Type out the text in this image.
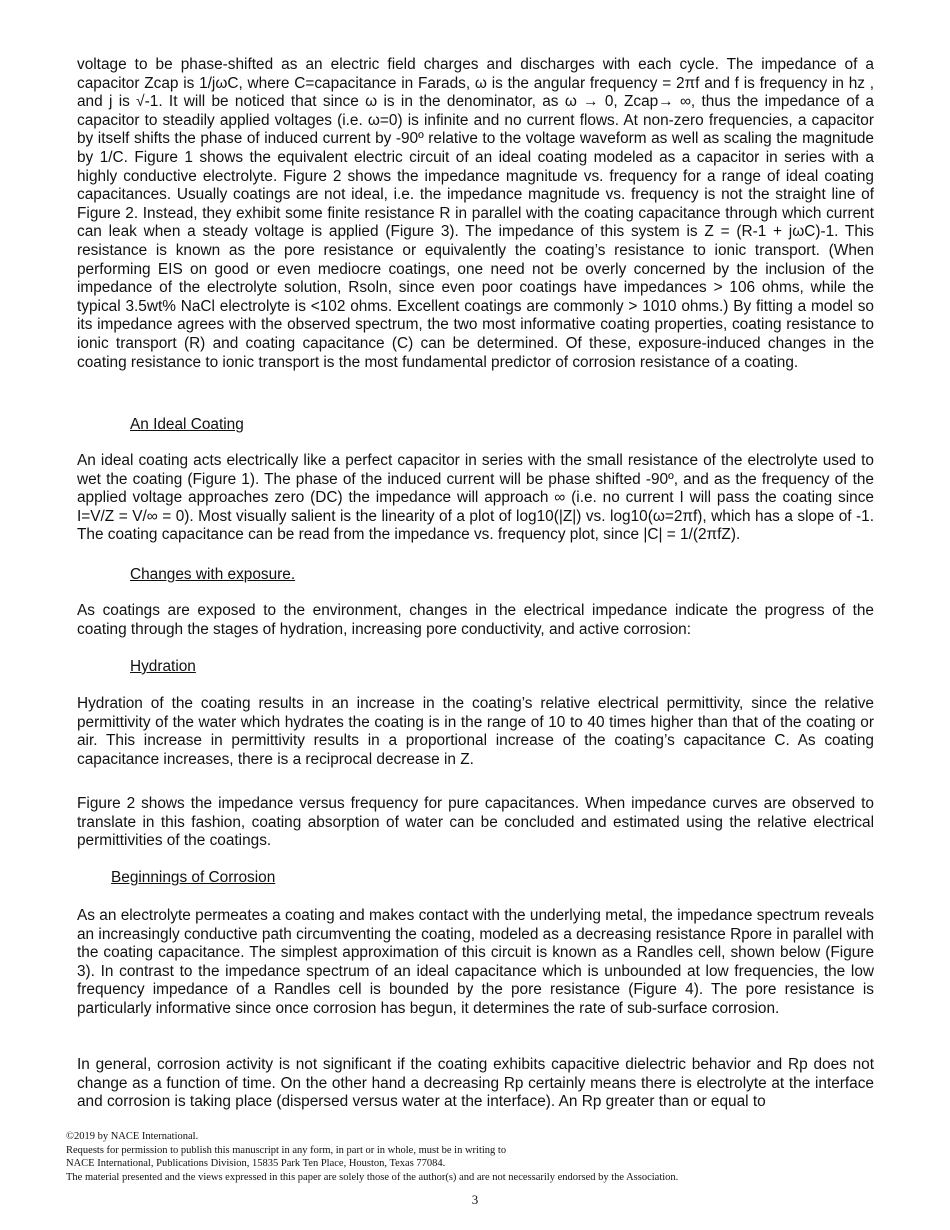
voltage to be phase-shifted as an electric field charges and discharges with each cycle. The impedance of a capacitor Zcap is 1/jωC, where C=capacitance in Farads, ω is the angular frequency = 2πf and f is frequency in hz , and j is √-1. It will be noticed that since ω is in the denominator, as ω → 0, Zcap→ ∞, thus the impedance of a capacitor to steadily applied voltages (i.e. ω=0) is infinite and no current flows. At non-zero frequencies, a capacitor by itself shifts the phase of induced current by -90º relative to the voltage waveform as well as scaling the magnitude by 1/C. Figure 1 shows the equivalent electric circuit of an ideal coating modeled as a capacitor in series with a highly conductive electrolyte. Figure 2 shows the impedance magnitude vs. frequency for a range of ideal coating capacitances. Usually coatings are not ideal, i.e. the impedance magnitude vs. frequency is not the straight line of Figure 2. Instead, they exhibit some finite resistance R in parallel with the coating capacitance through which current can leak when a steady voltage is applied (Figure 3). The impedance of this system is Z = (R-1 + jωC)-1. This resistance is known as the pore resistance or equivalently the coating’s resistance to ionic transport. (When performing EIS on good or even mediocre coatings, one need not be overly concerned by the inclusion of the impedance of the electrolyte solution, Rsoln, since even poor coatings have impedances > 106 ohms, while the typical 3.5wt% NaCl electrolyte is <102 ohms. Excellent coatings are commonly > 1010 ohms.) By fitting a model so its impedance agrees with the observed spectrum, the two most informative coating properties, coating resistance to ionic transport (R) and coating capacitance (C) can be determined. Of these, exposure-induced changes in the coating resistance to ionic transport is the most fundamental predictor of corrosion resistance of a coating.

An Ideal Coating

An ideal coating acts electrically like a perfect capacitor in series with the small resistance of the electrolyte used to wet the coating (Figure 1). The phase of the induced current will be phase shifted -90º, and as the frequency of the applied voltage approaches zero (DC) the impedance will approach ∞ (i.e. no current I will pass the coating since I=V/Z = V/∞ = 0). Most visually salient is the linearity of a plot of log10(|Z|) vs. log10(ω=2πf), which has a slope of -1. The coating capacitance can be read from the impedance vs. frequency plot, since |C| = 1/(2πfZ).

Changes with exposure.

As coatings are exposed to the environment, changes in the electrical impedance indicate the progress of the coating through the stages of hydration, increasing pore conductivity, and active corrosion:

Hydration

Hydration of the coating results in an increase in the coating’s relative electrical permittivity, since the relative permittivity of the water which hydrates the coating is in the range of 10 to 40 times higher than that of the coating or air. This increase in permittivity results in a proportional increase of the coating’s capacitance C. As coating capacitance increases, there is a reciprocal decrease in Z.

Figure 2 shows the impedance versus frequency for pure capacitances. When impedance curves are observed to translate in this fashion, coating absorption of water can be concluded and estimated using the relative electrical permittivities of the coatings.

Beginnings of Corrosion

As an electrolyte permeates a coating and makes contact with the underlying metal, the impedance spectrum reveals an increasingly conductive path circumventing the coating, modeled as a decreasing resistance Rpore in parallel with the coating capacitance. The simplest approximation of this circuit is known as a Randles cell, shown below (Figure 3). In contrast to the impedance spectrum of an ideal capacitance which is unbounded at low frequencies, the low frequency impedance of a Randles cell is bounded by the pore resistance (Figure 4). The pore resistance is particularly informative since once corrosion has begun, it determines the rate of sub-surface corrosion.

In general, corrosion activity is not significant if the coating exhibits capacitive dielectric behavior and Rp does not change as a function of time. On the other hand a decreasing Rp certainly means there is electrolyte at the interface and corrosion is taking place (dispersed versus water at the interface). An Rp greater than or equal to

©2019 by NACE International.
Requests for permission to publish this manuscript in any form, in part or in whole, must be in writing to
NACE International, Publications Division, 15835 Park Ten Place, Houston, Texas 77084.
The material presented and the views expressed in this paper are solely those of the author(s) and are not necessarily endorsed by the Association.
3
